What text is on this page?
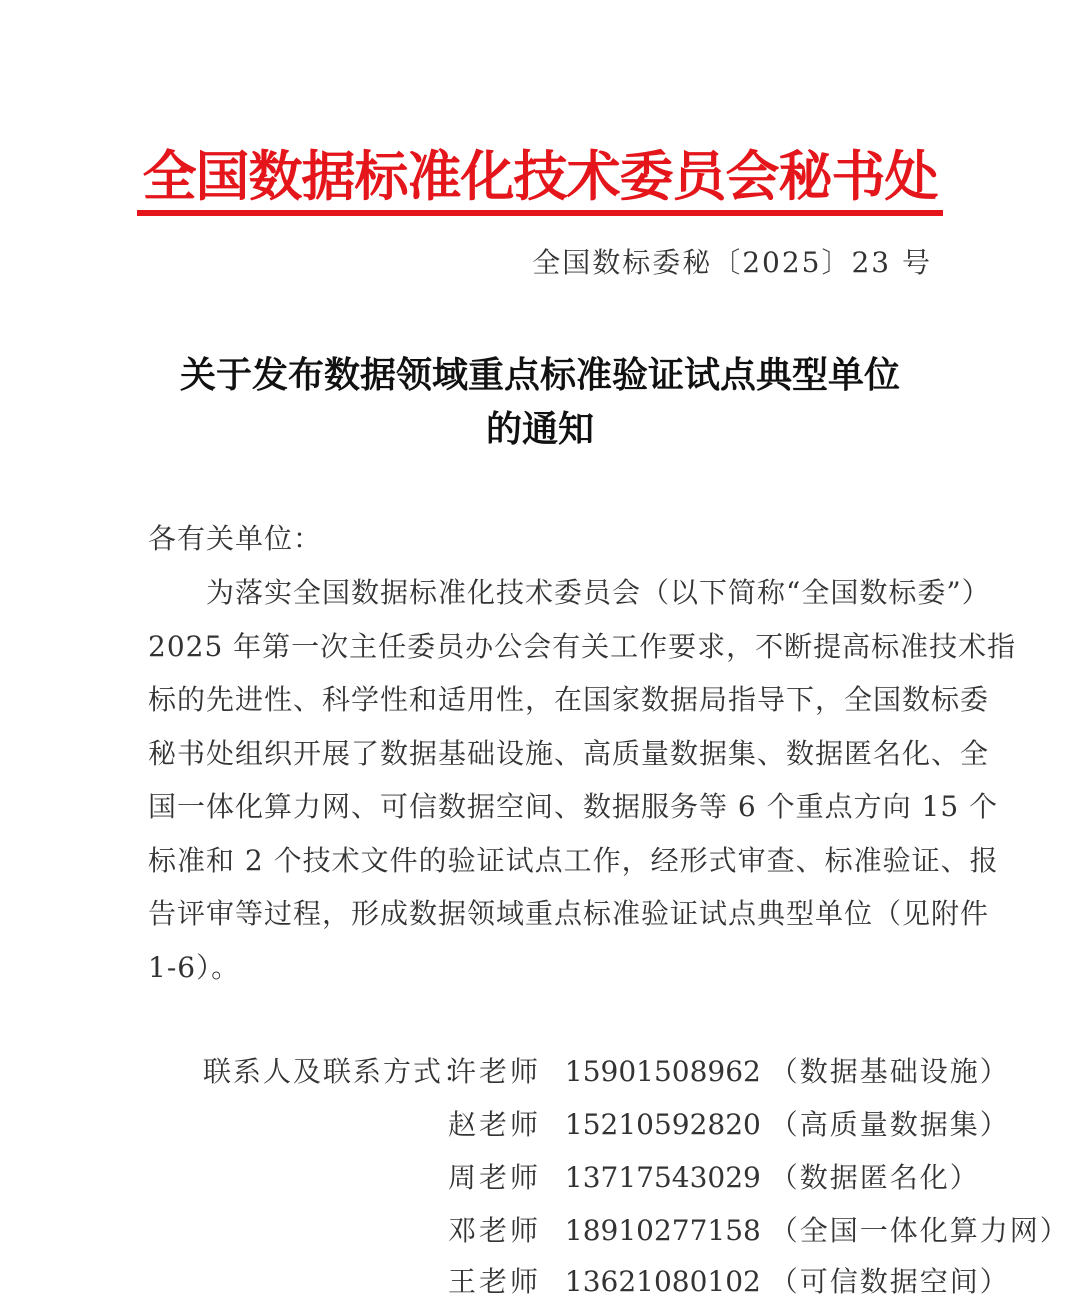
全国数据标准化技术委员会秘书处
全国数标委秘〔2025〕23 号
关于发布数据领域重点标准验证试点典型单位
的通知
各有关单位：
　　为落实全国数据标准化技术委员会（以下简称“全国数标委”）
2025 年第一次主任委员办公会有关工作要求，不断提高标准技术指
标的先进性、科学性和适用性，在国家数据局指导下，全国数标委
秘书处组织开展了数据基础设施、高质量数据集、数据匿名化、全
国一体化算力网、可信数据空间、数据服务等 6 个重点方向 15 个
标准和 2 个技术文件的验证试点工作，经形式审查、标准验证、报
告评审等过程，形成数据领域重点标准验证试点典型单位（见附件
1-6）。
联系人及联系方式：
许老师 15901508962 （数据基础设施）
赵老师 15210592820 （高质量数据集）
周老师 13717543029 （数据匿名化）
邓老师 18910277158 （全国一体化算力网）
王老师 13621080102 （可信数据空间）
